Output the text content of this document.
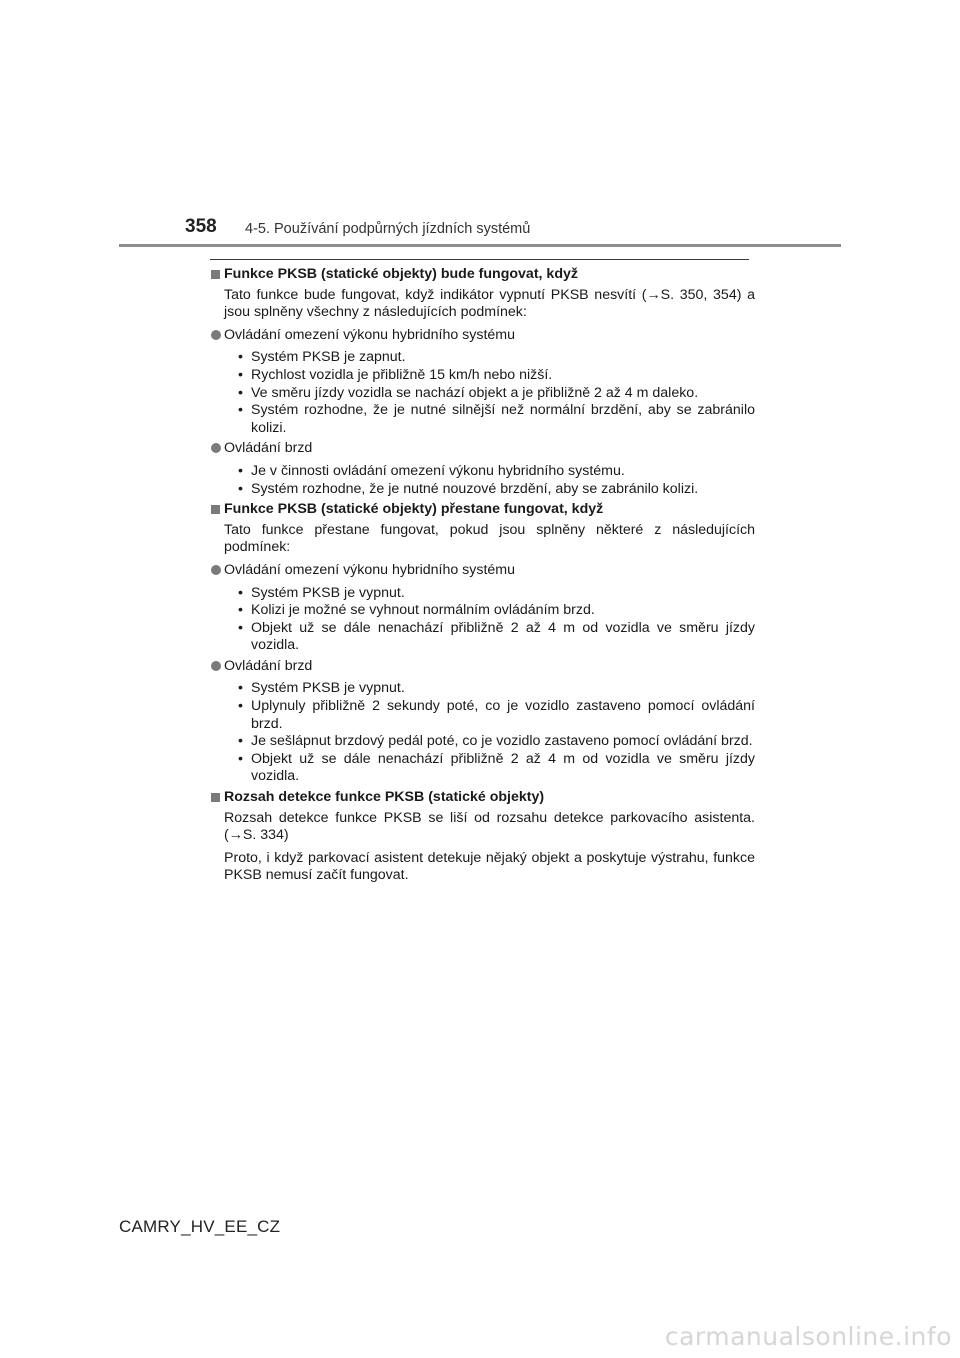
358 4-5. Používání podpůrných jízdních systémů
Funkce PKSB (statické objekty) bude fungovat, když
Tato funkce bude fungovat, když indikátor vypnutí PKSB nesvítí (→S. 350, 354) a jsou splněny všechny z následujících podmínek:
Ovládání omezení výkonu hybridního systému
• Systém PKSB je zapnut.
• Rychlost vozidla je přibližně 15 km/h nebo nižší.
• Ve směru jízdy vozidla se nachází objekt a je přibližně 2 až 4 m daleko.
• Systém rozhodne, že je nutné silnější než normální brzdění, aby se zabránilo kolizi.
Ovládání brzd
• Je v činnosti ovládání omezení výkonu hybridního systému.
• Systém rozhodne, že je nutné nouzové brzdění, aby se zabránilo kolizi.
Funkce PKSB (statické objekty) přestane fungovat, když
Tato funkce přestane fungovat, pokud jsou splněny některé z následujících podmínek:
Ovládání omezení výkonu hybridního systému
• Systém PKSB je vypnut.
• Kolizi je možné se vyhnout normálním ovládáním brzd.
• Objekt už se dále nenachází přibližně 2 až 4 m od vozidla ve směru jízdy vozidla.
Ovládání brzd
• Systém PKSB je vypnut.
• Uplynuly přibližně 2 sekundy poté, co je vozidlo zastaveno pomocí ovládání brzd.
• Je sešlápnut brzdový pedál poté, co je vozidlo zastaveno pomocí ovládání brzd.
• Objekt už se dále nenachází přibližně 2 až 4 m od vozidla ve směru jízdy vozidla.
Rozsah detekce funkce PKSB (statické objekty)
Rozsah detekce funkce PKSB se liší od rozsahu detekce parkovacího asistenta. (→S. 334)
Proto, i když parkovací asistent detekuje nějaký objekt a poskytuje výstrahu, funkce PKSB nemusí začít fungovat.
CAMRY_HV_EE_CZ
carmanualsonline.info
